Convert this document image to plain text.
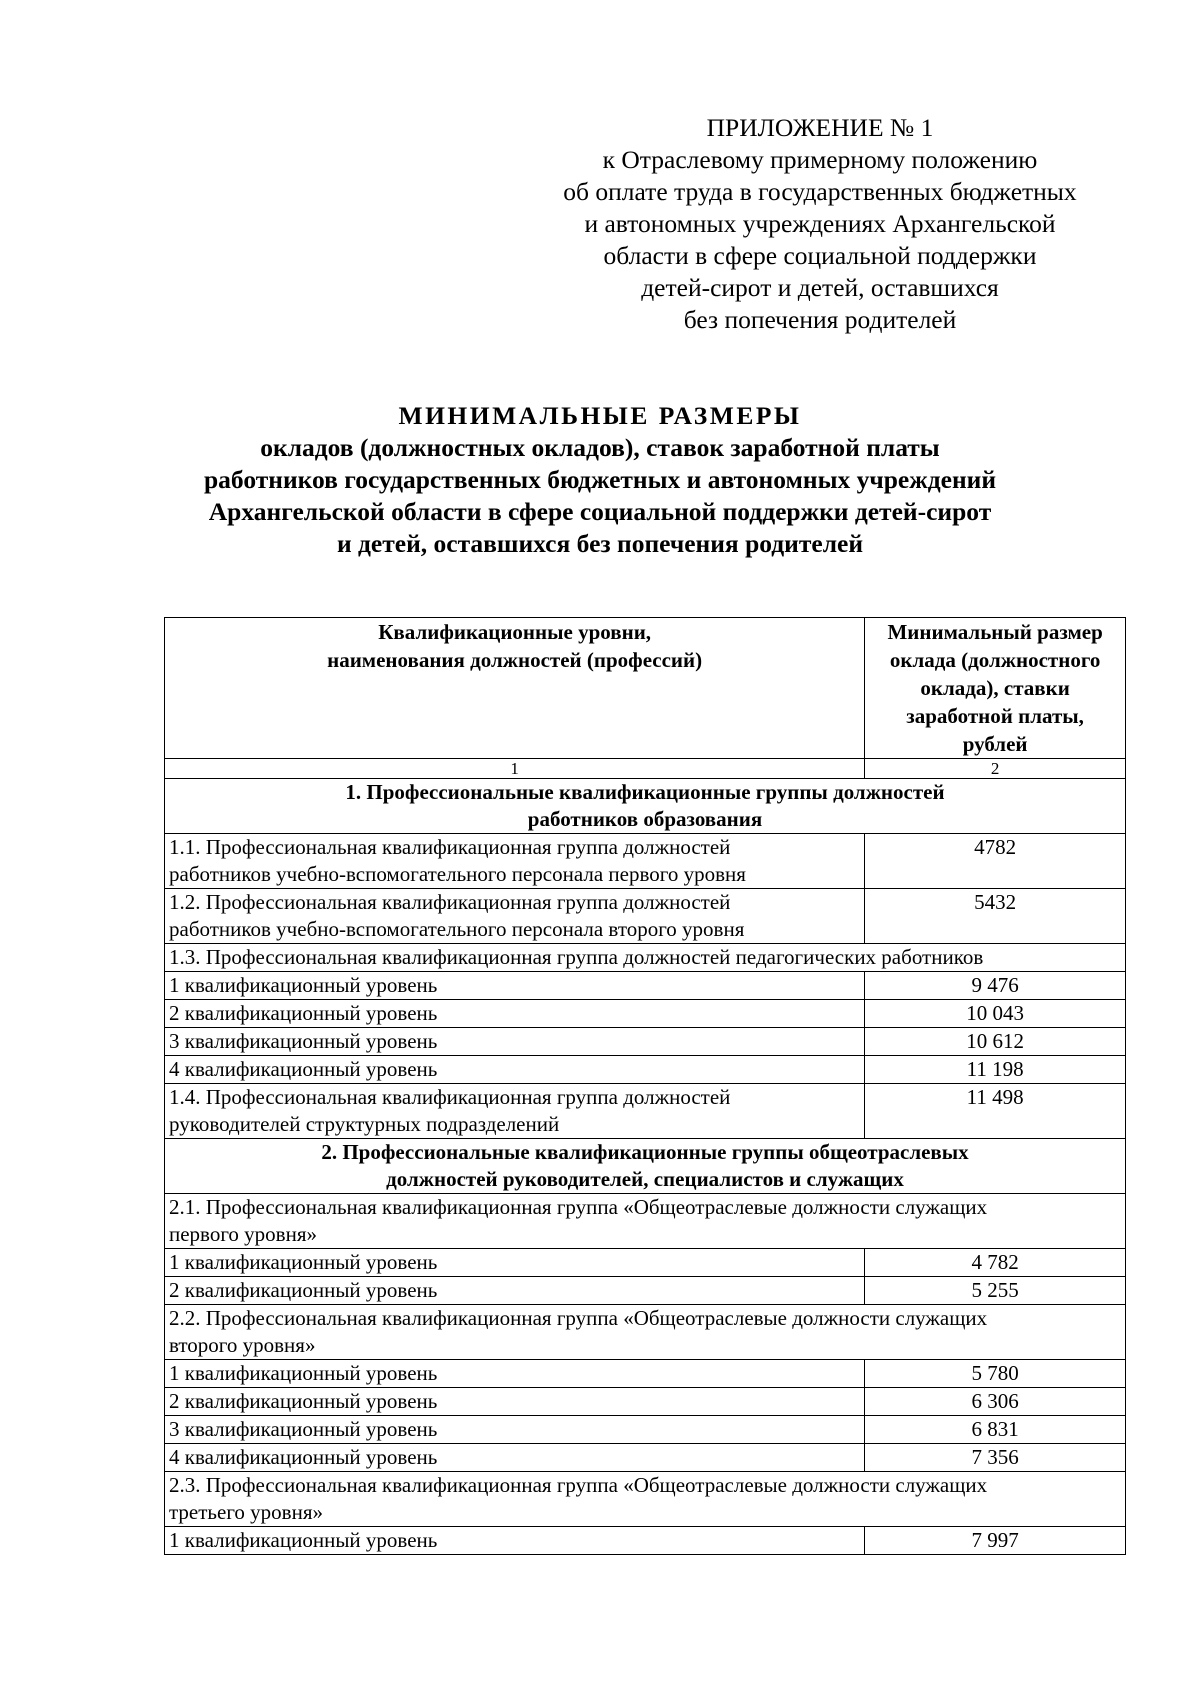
ПРИЛОЖЕНИЕ № 1
к Отраслевому примерному положению
об оплате труда в государственных бюджетных
и автономных учреждениях Архангельской
области в сфере социальной поддержки
детей-сирот и детей, оставшихся
без попечения родителей
МИНИМАЛЬНЫЕ РАЗМЕРЫ
окладов (должностных окладов), ставок заработной платы
работников государственных бюджетных и автономных учреждений
Архангельской области в сфере социальной поддержки детей-сирот
и детей, оставшихся без попечения родителей
Квалификационные уровни,
наименования должностей (профессий)	Минимальный размер
оклада (должностного
оклада), ставки
заработной платы,
рублей

1	2

1. Профессиональные квалификационные группы должностей
работников образования	

1.1. Профессиональная квалификационная группа должностей
работников учебно-вспомогательного персонала первого уровня	4782

1.2. Профессиональная квалификационная группа должностей
работников учебно-вспомогательного персонала второго уровня	5432

1.3. Профессиональная квалификационная группа должностей педагогических работников	

1 квалификационный уровень	9 476

2 квалификационный уровень	10 043

3 квалификационный уровень	10 612

4 квалификационный уровень	11 198

1.4. Профессиональная квалификационная группа должностей
руководителей структурных подразделений	11 498

2. Профессиональные квалификационные группы общеотраслевых
должностей руководителей, специалистов и служащих	

2.1. Профессиональная квалификационная группа «Общеотраслевые должности служащих
первого уровня»	

1 квалификационный уровень	4 782

2 квалификационный уровень	5 255

2.2. Профессиональная квалификационная группа «Общеотраслевые должности служащих
второго уровня»	

1 квалификационный уровень	5 780

2 квалификационный уровень	6 306

3 квалификационный уровень	6 831

4 квалификационный уровень	7 356

2.3. Профессиональная квалификационная группа «Общеотраслевые должности служащих
третьего уровня»	

1 квалификационный уровень	7 997
